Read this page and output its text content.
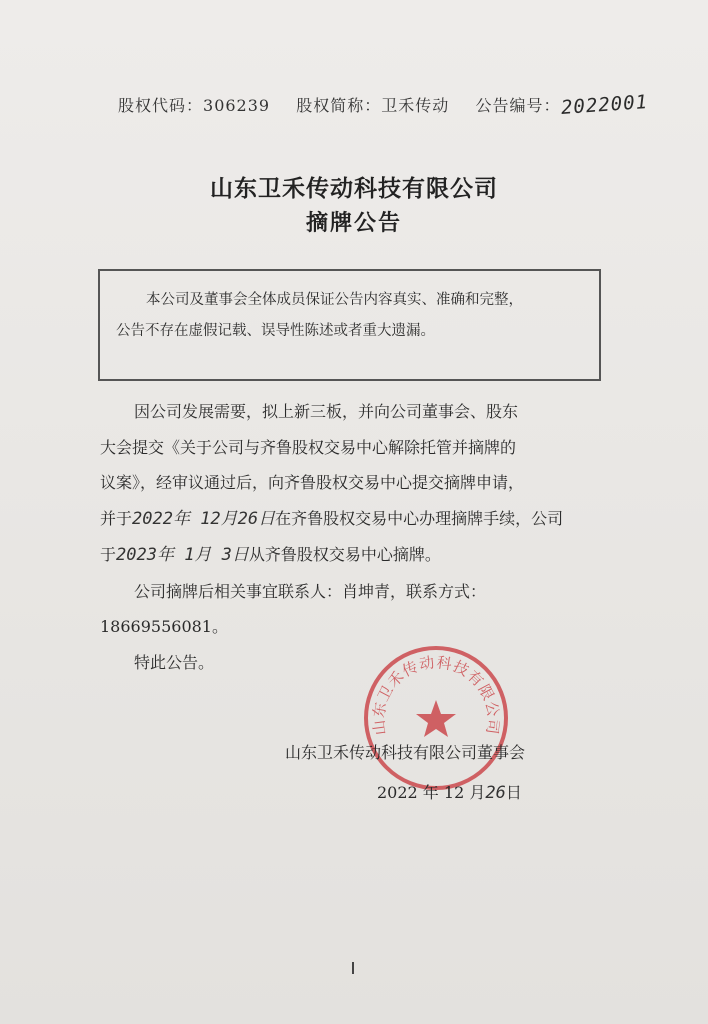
股权代码：306239 股权简称：卫禾传动 公告编号：2022001
山东卫禾传动科技有限公司
摘牌公告
本公司及董事会全体成员保证公告内容真实、准确和完整，
公告不存在虚假记载、误导性陈述或者重大遗漏。

因公司发展需要，拟上新三板，并向公司董事会、股东

大会提交《关于公司与齐鲁股权交易中心解除托管并摘牌的

议案》，经审议通过后，向齐鲁股权交易中心提交摘牌申请，

并于2022年 12月26日在齐鲁股权交易中心办理摘牌手续，公司

于2023年 1月 3日从齐鲁股权交易中心摘牌。

公司摘牌后相关事宜联系人：肖坤青，联系方式：

18669556081。

特此公告。

山东卫禾传动科技有限公司
山东卫禾传动科技有限公司董事会
2022 年 12 月26日
